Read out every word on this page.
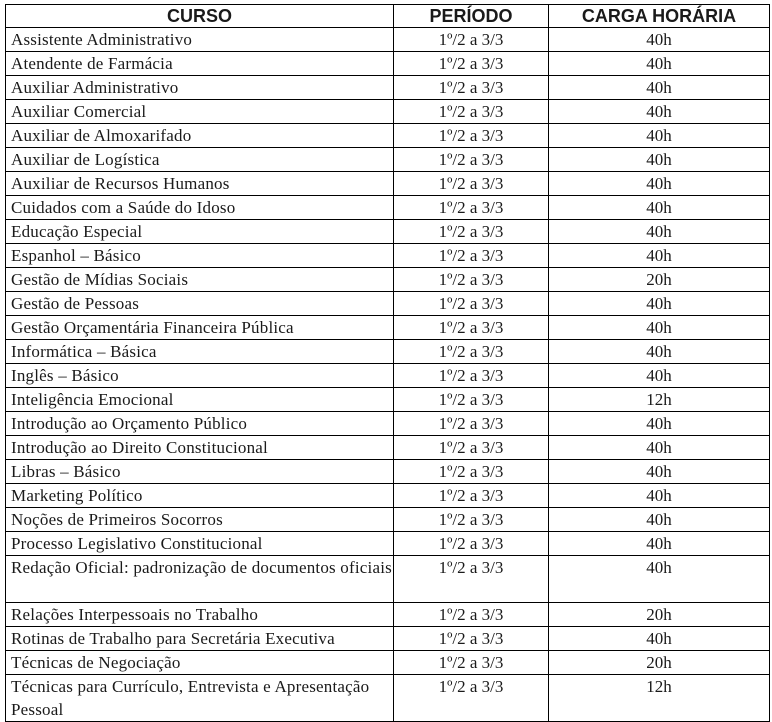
CURSO	PERÍODO	CARGA HORÁRIA
Assistente Administrativo	1º/2 a 3/3	40h
Atendente de Farmácia	1º/2 a 3/3	40h
Auxiliar Administrativo	1º/2 a 3/3	40h
Auxiliar Comercial	1º/2 a 3/3	40h
Auxiliar de Almoxarifado	1º/2 a 3/3	40h
Auxiliar de Logística	1º/2 a 3/3	40h
Auxiliar de Recursos Humanos	1º/2 a 3/3	40h
Cuidados com a Saúde do Idoso	1º/2 a 3/3	40h
Educação Especial	1º/2 a 3/3	40h
Espanhol – Básico	1º/2 a 3/3	40h
Gestão de Mídias Sociais	1º/2 a 3/3	20h
Gestão de Pessoas	1º/2 a 3/3	40h
Gestão Orçamentária Financeira Pública	1º/2 a 3/3	40h
Informática – Básica	1º/2 a 3/3	40h
Inglês – Básico	1º/2 a 3/3	40h
Inteligência Emocional	1º/2 a 3/3	12h
Introdução ao Orçamento Público	1º/2 a 3/3	40h
Introdução ao Direito Constitucional	1º/2 a 3/3	40h
Libras – Básico	1º/2 a 3/3	40h
Marketing Político	1º/2 a 3/3	40h
Noções de Primeiros Socorros	1º/2 a 3/3	40h
Processo Legislativo Constitucional	1º/2 a 3/3	40h
Redação Oficial: padronização de documentos oficiais	1º/2 a 3/3	40h
Relações Interpessoais no Trabalho	1º/2 a 3/3	20h
Rotinas de Trabalho para Secretária Executiva	1º/2 a 3/3	40h
Técnicas de Negociação	1º/2 a 3/3	20h
Técnicas para Currículo, Entrevista e Apresentação Pessoal	1º/2 a 3/3	12h
